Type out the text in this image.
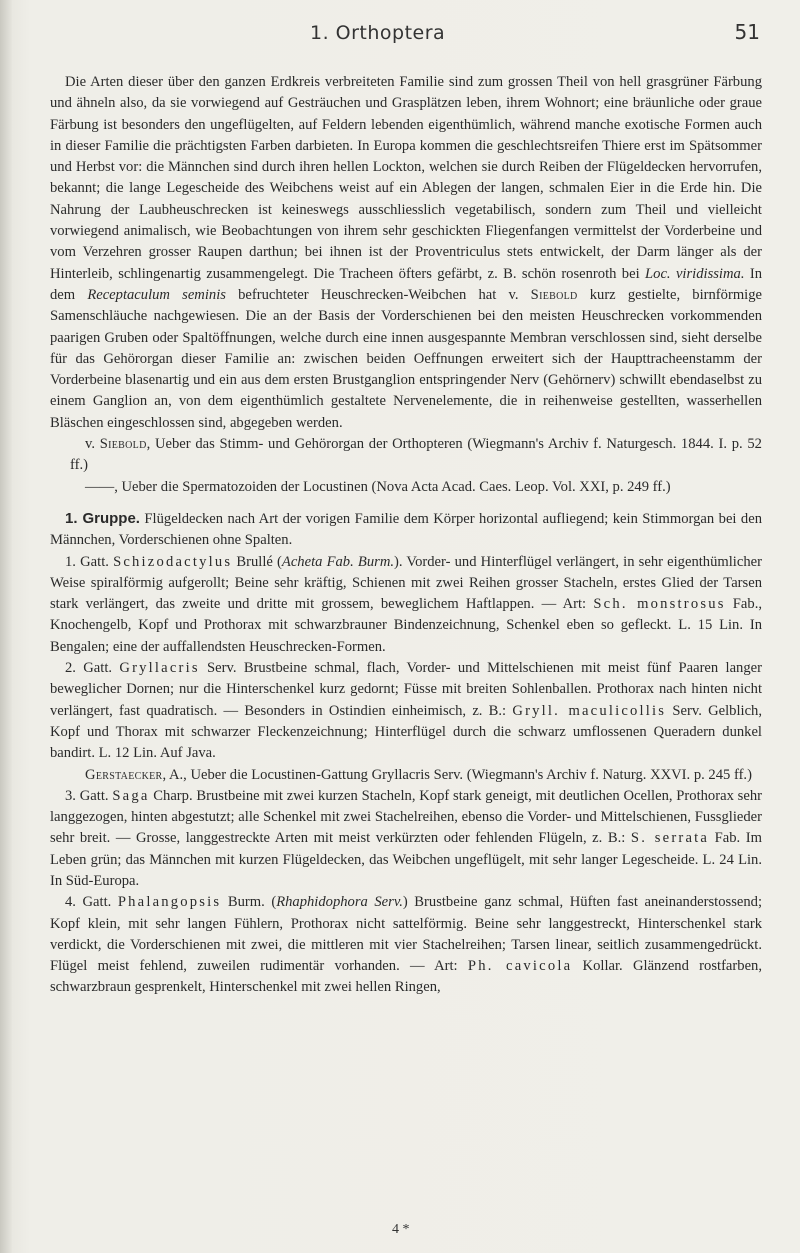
1. Orthoptera	51

Die Arten dieser über den ganzen Erdkreis verbreiteten Familie sind zum grossen Theil von hell grasgrüner Färbung und ähneln also, da sie vorwiegend auf Gesträuchen und Grasplätzen leben, ihrem Wohnort; eine bräunliche oder graue Färbung ist besonders den ungeflügelten, auf Feldern lebenden eigenthümlich, während manche exotische Formen auch in dieser Familie die prächtigsten Farben darbieten. In Europa kommen die geschlechtsreifen Thiere erst im Spätsommer und Herbst vor: die Männchen sind durch ihren hellen Lockton, welchen sie durch Reiben der Flügeldecken hervorrufen, bekannt; die lange Legescheide des Weibchens weist auf ein Ablegen der langen, schmalen Eier in die Erde hin. Die Nahrung der Laubheuschrecken ist keineswegs ausschliesslich vegetabilisch, sondern zum Theil und vielleicht vorwiegend animalisch, wie Beobachtungen von ihrem sehr geschickten Fliegenfangen vermittelst der Vorderbeine und vom Verzehren grosser Raupen darthun; bei ihnen ist der Proventriculus stets entwickelt, der Darm länger als der Hinterleib, schlingenartig zusammengelegt. Die Tracheen öfters gefärbt, z. B. schön rosenroth bei Loc. viridissima. In dem Receptaculum seminis befruchteter Heuschrecken-Weibchen hat v. Siebold kurz gestielte, birnförmige Samenschläuche nachgewiesen. Die an der Basis der Vorderschienen bei den meisten Heuschrecken vorkommenden paarigen Gruben oder Spaltöffnungen, welche durch eine innen ausgespannte Membran verschlossen sind, sieht derselbe für das Gehörorgan dieser Familie an: zwischen beiden Oeffnungen erweitert sich der Haupttracheenstamm der Vorderbeine blasenartig und ein aus dem ersten Brustganglion entspringender Nerv (Gehörnerv) schwillt ebendaselbst zu einem Ganglion an, von dem eigenthümlich gestaltete Nervenelemente, die in reihenweise gestellten, wasserhellen Bläschen eingeschlossen sind, abgegeben werden.

v. Siebold, Ueber das Stimm- und Gehörorgan der Orthopteren (Wiegmann's Archiv f. Naturgesch. 1844. I. p. 52 ff.)

——, Ueber die Spermatozoiden der Locustinen (Nova Acta Acad. Caes. Leop. Vol. XXI, p. 249 ff.)

1. Gruppe. Flügeldecken nach Art der vorigen Familie dem Körper horizontal aufliegend; kein Stimmorgan bei den Männchen, Vorderschienen ohne Spalten.

1. Gatt. Schizodactylus Brullé (Acheta Fab. Burm.). Vorder- und Hinterflügel verlängert, in sehr eigenthümlicher Weise spiralförmig aufgerollt; Beine sehr kräftig, Schienen mit zwei Reihen grosser Stacheln, erstes Glied der Tarsen stark verlängert, das zweite und dritte mit grossem, beweglichem Haftlappen. — Art: Sch. monstrosus Fab., Knochengelb, Kopf und Prothorax mit schwarzbrauner Bindenzeichnung, Schenkel eben so gefleckt. L. 15 Lin. In Bengalen; eine der auffallendsten Heuschrecken-Formen.

2. Gatt. Gryllacris Serv. Brustbeine schmal, flach, Vorder- und Mittelschienen mit meist fünf Paaren langer beweglicher Dornen; nur die Hinterschenkel kurz gedornt; Füsse mit breiten Sohlenballen. Prothorax nach hinten nicht verlängert, fast quadratisch. — Besonders in Ostindien einheimisch, z. B.: Gryll. maculicollis Serv. Gelblich, Kopf und Thorax mit schwarzer Fleckenzeichnung; Hinterflügel durch die schwarz umflossenen Queradern dunkel bandirt. L. 12 Lin. Auf Java.

Gerstaecker, A., Ueber die Locustinen-Gattung Gryllacris Serv. (Wiegmann's Archiv f. Naturg. XXVI. p. 245 ff.)

3. Gatt. Saga Charp. Brustbeine mit zwei kurzen Stacheln, Kopf stark geneigt, mit deutlichen Ocellen, Prothorax sehr langgezogen, hinten abgestutzt; alle Schenkel mit zwei Stachelreihen, ebenso die Vorder- und Mittelschienen, Fussglieder sehr breit. — Grosse, langgestreckte Arten mit meist verkürzten oder fehlenden Flügeln, z. B.: S. serrata Fab. Im Leben grün; das Männchen mit kurzen Flügeldecken, das Weibchen ungeflügelt, mit sehr langer Legescheide. L. 24 Lin. In Süd-Europa.

4. Gatt. Phalangopsis Burm. (Rhaphidophora Serv.) Brustbeine ganz schmal, Hüften fast aneinanderstossend; Kopf klein, mit sehr langen Fühlern, Prothorax nicht sattelförmig. Beine sehr langgestreckt, Hinterschenkel stark verdickt, die Vorderschienen mit zwei, die mittleren mit vier Stachelreihen; Tarsen linear, seitlich zusammengedrückt. Flügel meist fehlend, zuweilen rudimentär vorhanden. — Art: Ph. cavicola Kollar. Glänzend rostfarben, schwarzbraun gesprenkelt, Hinterschenkel mit zwei hellen Ringen,

4 *
